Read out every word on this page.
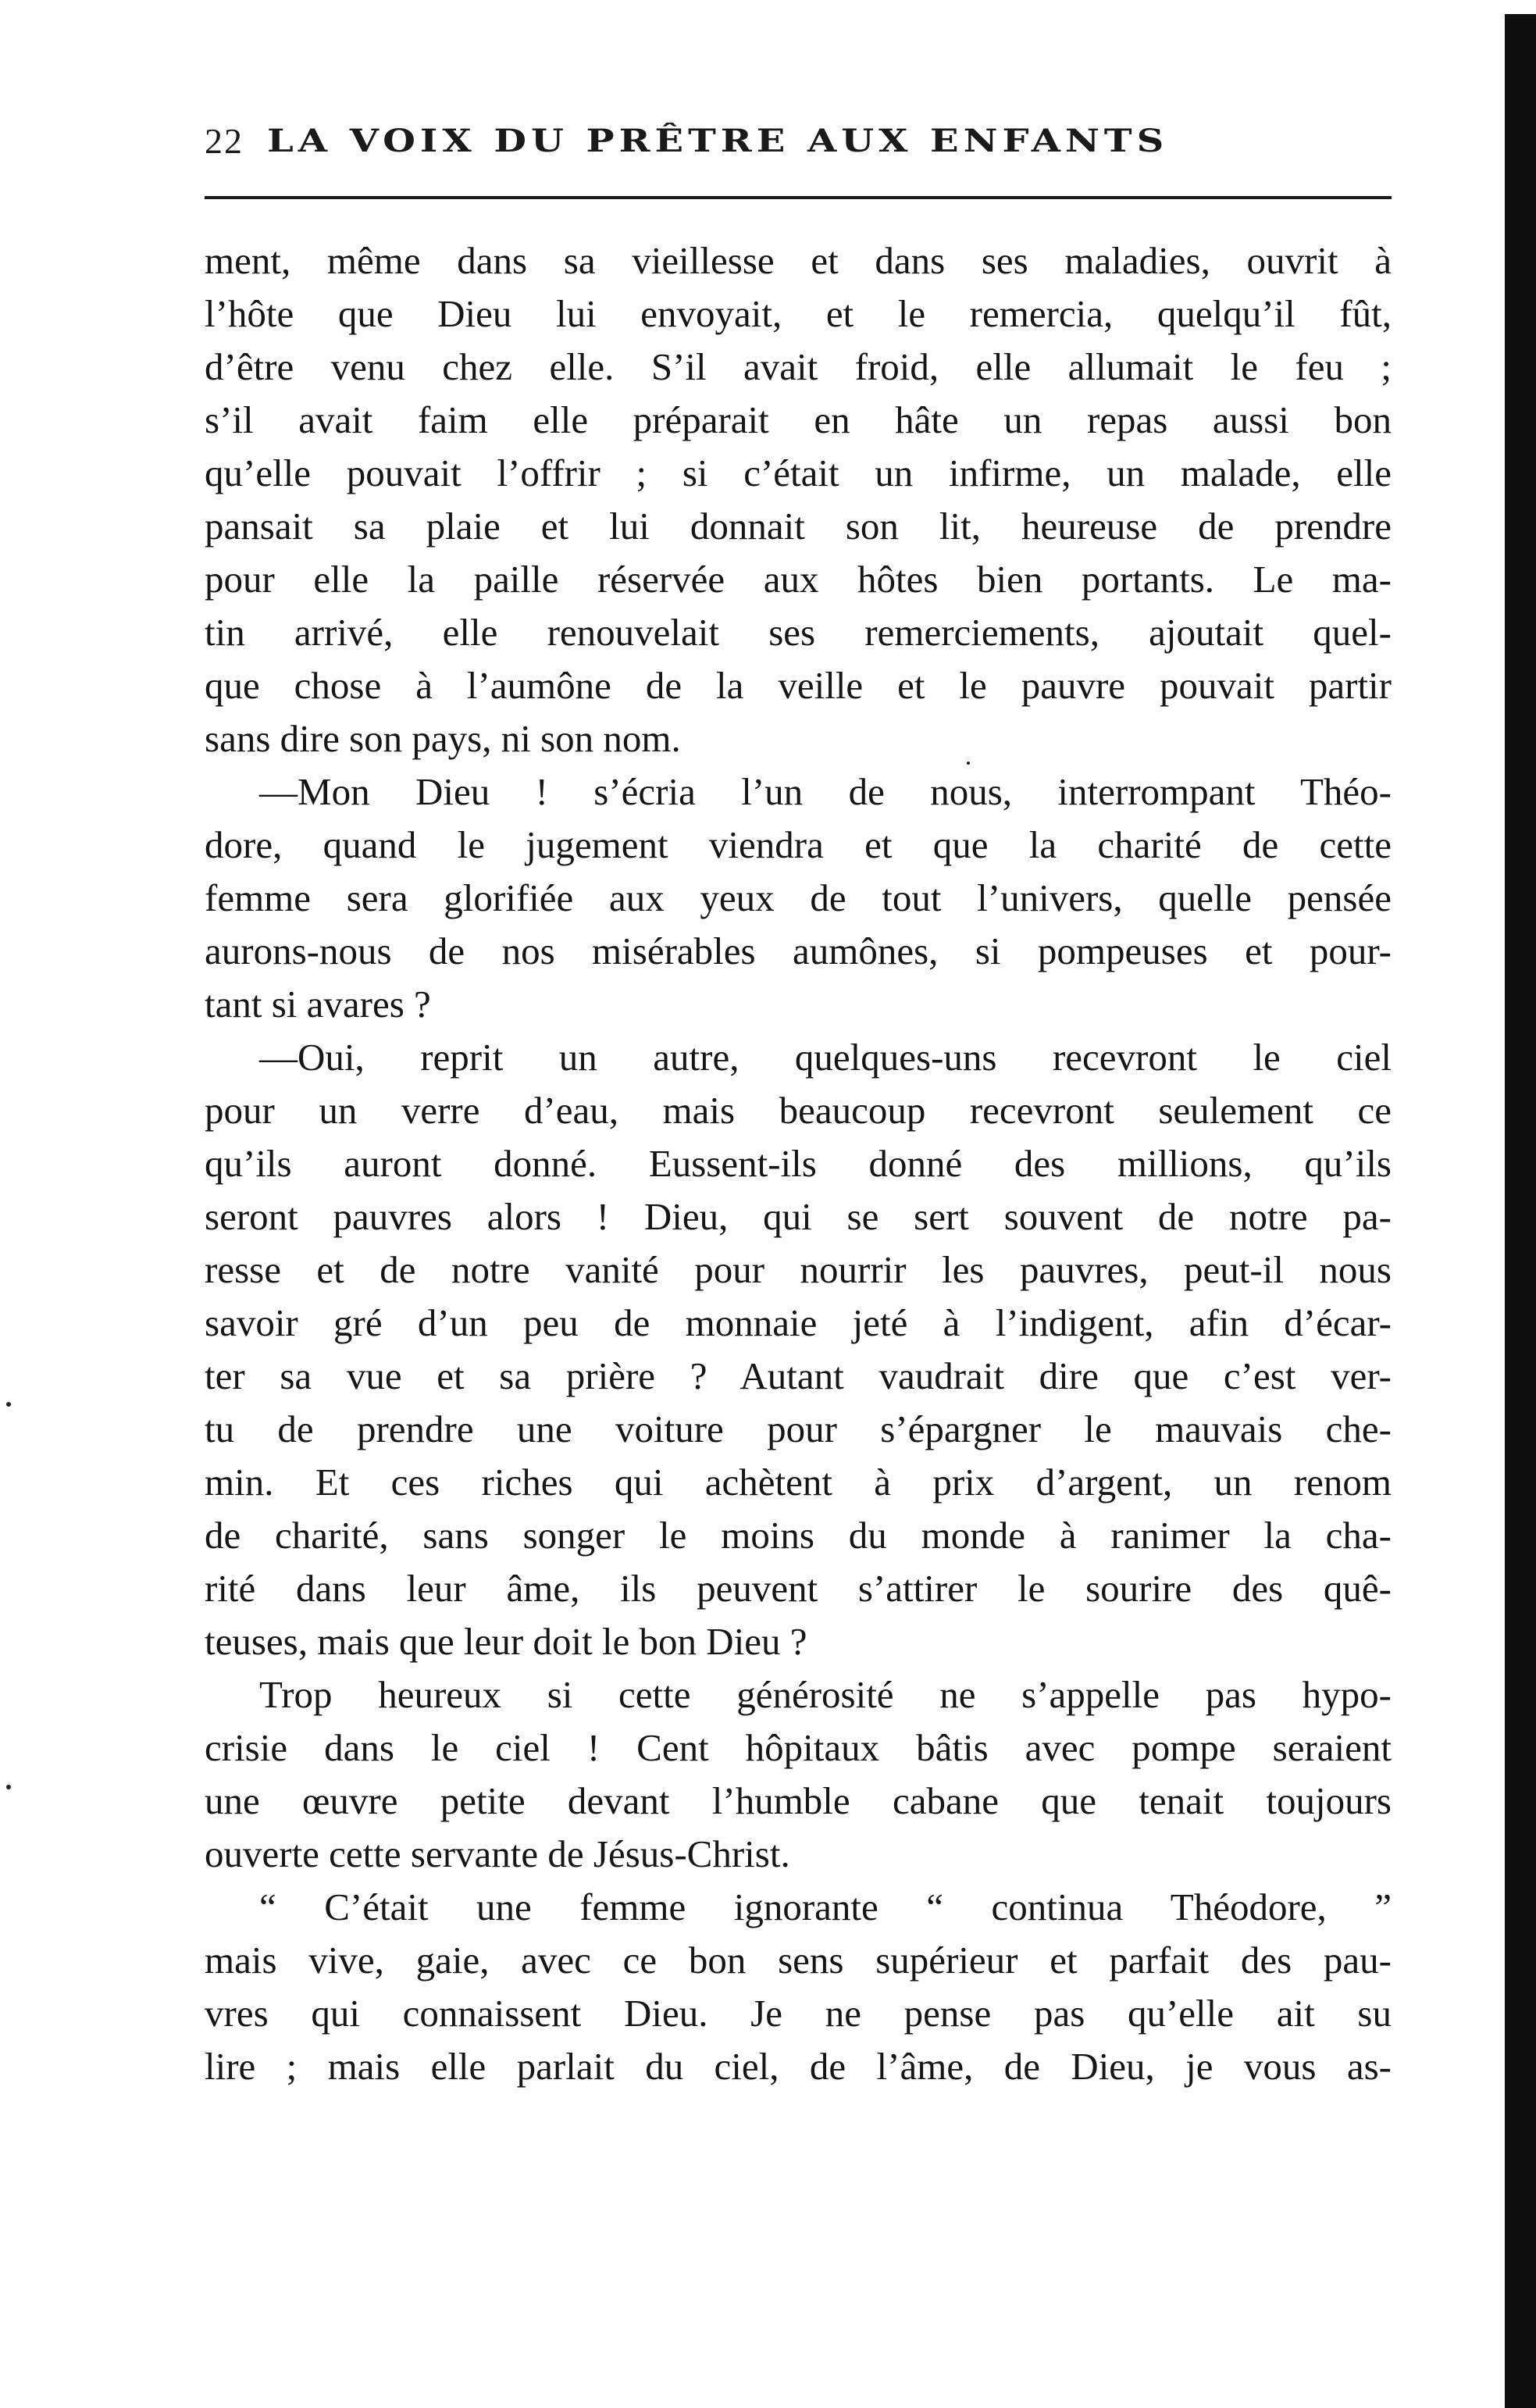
22 LA VOIX DU PRÊTRE AUX ENFANTS
ment, même dans sa vieillesse et dans ses maladies, ouvrit à
l’hôte que Dieu lui envoyait, et le remercia, quelqu’il fût,
d’être venu chez elle. S’il avait froid, elle allumait le feu ;
s’il avait faim elle préparait en hâte un repas aussi bon
qu’elle pouvait l’offrir ; si c’était un infirme, un malade, elle
pansait sa plaie et lui donnait son lit, heureuse de prendre
pour elle la paille réservée aux hôtes bien portants. Le ma-
tin arrivé, elle renouvelait ses remerciements, ajoutait quel-
que chose à l’aumône de la veille et le pauvre pouvait partir
sans dire son pays, ni son nom.
—Mon Dieu ! s’écria l’un de nous, interrompant Théo-
dore, quand le jugement viendra et que la charité de cette
femme sera glorifiée aux yeux de tout l’univers, quelle pensée
aurons-nous de nos misérables aumônes, si pompeuses et pour-
tant si avares ?
—Oui, reprit un autre, quelques-uns recevront le ciel
pour un verre d’eau, mais beaucoup recevront seulement ce
qu’ils auront donné. Eussent-ils donné des millions, qu’ils
seront pauvres alors ! Dieu, qui se sert souvent de notre pa-
resse et de notre vanité pour nourrir les pauvres, peut-il nous
savoir gré d’un peu de monnaie jeté à l’indigent, afin d’écar-
ter sa vue et sa prière ? Autant vaudrait dire que c’est ver-
tu de prendre une voiture pour s’épargner le mauvais che-
min. Et ces riches qui achètent à prix d’argent, un renom
de charité, sans songer le moins du monde à ranimer la cha-
rité dans leur âme, ils peuvent s’attirer le sourire des quê-
teuses, mais que leur doit le bon Dieu ?
Trop heureux si cette générosité ne s’appelle pas hypo-
crisie dans le ciel ! Cent hôpitaux bâtis avec pompe seraient
une œuvre petite devant l’humble cabane que tenait toujours
ouverte cette servante de Jésus-Christ.
“ C’était une femme ignorante “ continua Théodore, ”
mais vive, gaie, avec ce bon sens supérieur et parfait des pau-
vres qui connaissent Dieu. Je ne pense pas qu’elle ait su
lire ; mais elle parlait du ciel, de l’âme, de Dieu, je vous as-
